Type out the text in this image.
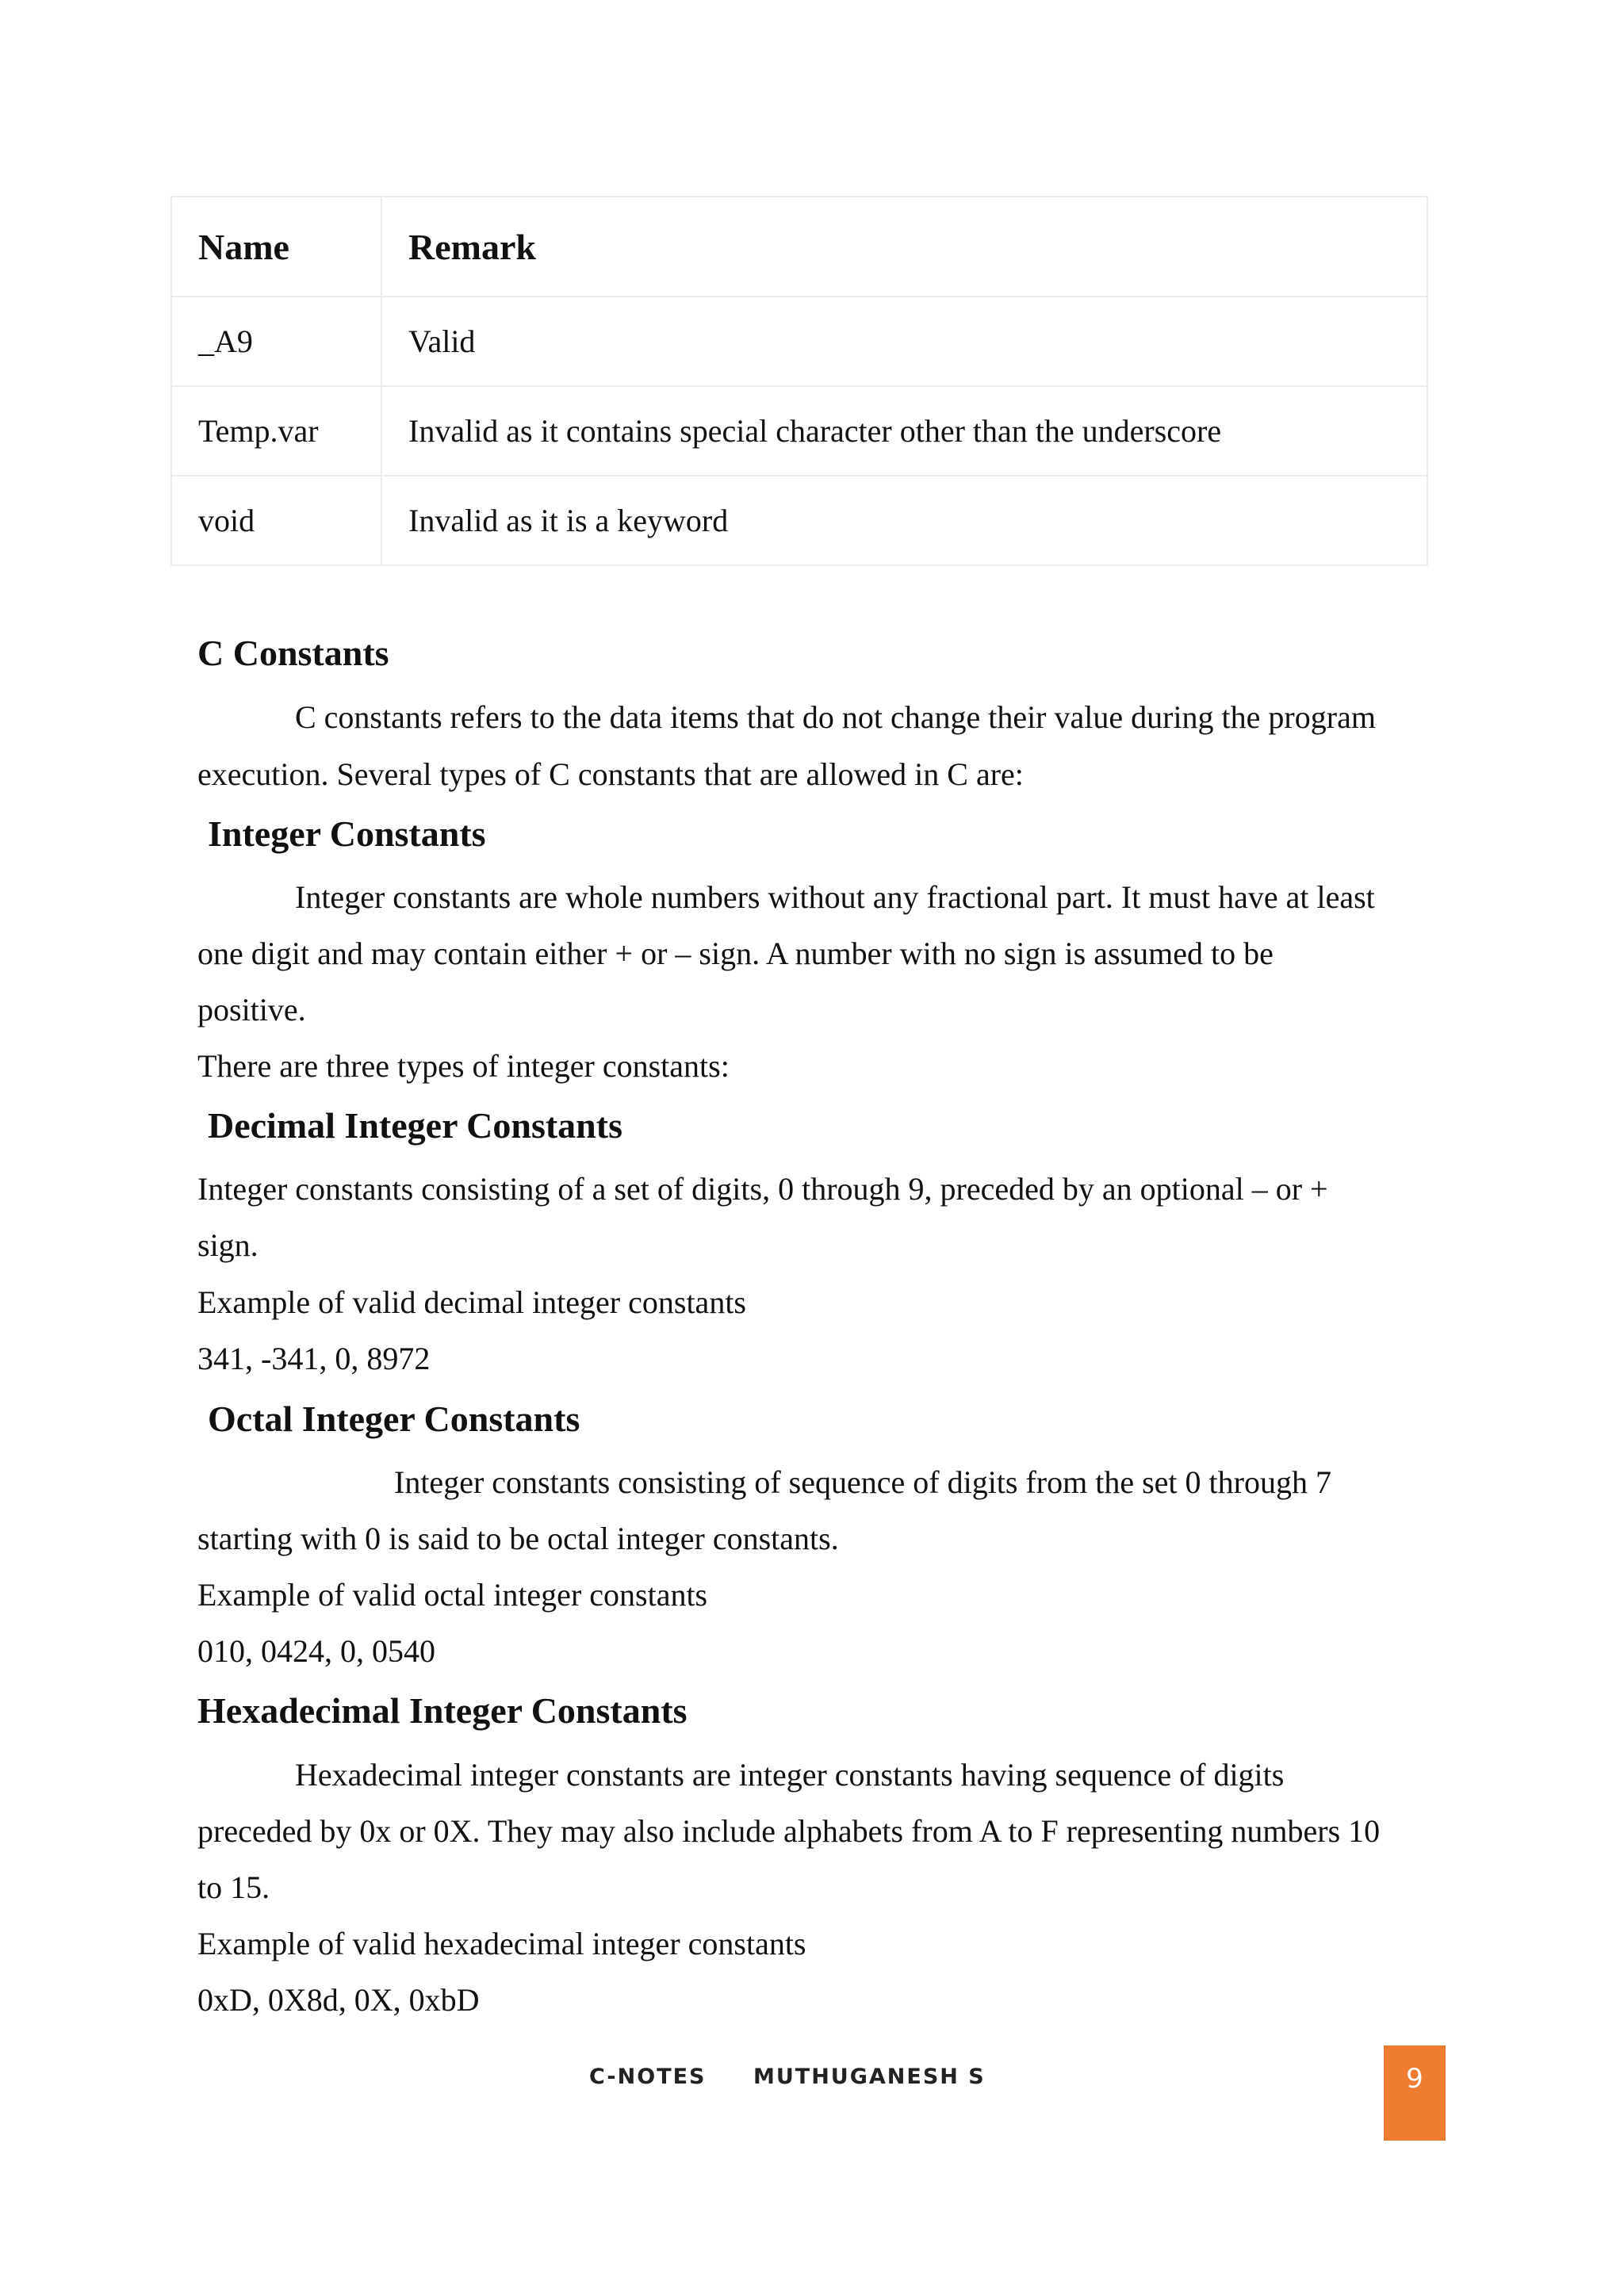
Name	Remark
_A9	Valid
Temp.var	Invalid as it contains special character other than the underscore
void	Invalid as it is a keyword
C Constants
C constants refers to the data items that do not change their value during the program
execution. Several types of C constants that are allowed in C are:
Integer Constants
Integer constants are whole numbers without any fractional part. It must have at least
one digit and may contain either + or – sign. A number with no sign is assumed to be
positive.
There are three types of integer constants:
Decimal Integer Constants
Integer constants consisting of a set of digits, 0 through 9, preceded by an optional – or +
sign.
Example of valid decimal integer constants
341, -341, 0, 8972
Octal Integer Constants
Integer constants consisting of sequence of digits from the set 0 through 7
starting with 0 is said to be octal integer constants.
Example of valid octal integer constants
010, 0424, 0, 0540
Hexadecimal Integer Constants
Hexadecimal integer constants are integer constants having sequence of digits
preceded by 0x or 0X. They may also include alphabets from A to F representing numbers 10
to 15.
Example of valid hexadecimal integer constants
0xD, 0X8d, 0X, 0xbD
C-NOTES MUTHUGANESH S	9
